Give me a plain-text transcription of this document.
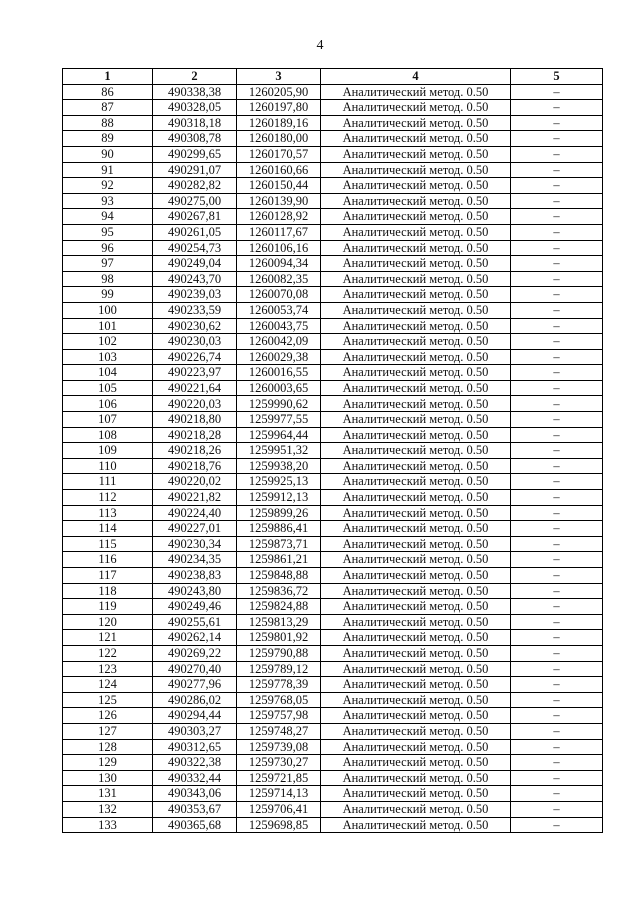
4
1	2	3	4	5
86	490338,38	1260205,90	Аналитический метод. 0.50	–
87	490328,05	1260197,80	Аналитический метод. 0.50	–
88	490318,18	1260189,16	Аналитический метод. 0.50	–
89	490308,78	1260180,00	Аналитический метод. 0.50	–
90	490299,65	1260170,57	Аналитический метод. 0.50	–
91	490291,07	1260160,66	Аналитический метод. 0.50	–
92	490282,82	1260150,44	Аналитический метод. 0.50	–
93	490275,00	1260139,90	Аналитический метод. 0.50	–
94	490267,81	1260128,92	Аналитический метод. 0.50	–
95	490261,05	1260117,67	Аналитический метод. 0.50	–
96	490254,73	1260106,16	Аналитический метод. 0.50	–
97	490249,04	1260094,34	Аналитический метод. 0.50	–
98	490243,70	1260082,35	Аналитический метод. 0.50	–
99	490239,03	1260070,08	Аналитический метод. 0.50	–
100	490233,59	1260053,74	Аналитический метод. 0.50	–
101	490230,62	1260043,75	Аналитический метод. 0.50	–
102	490230,03	1260042,09	Аналитический метод. 0.50	–
103	490226,74	1260029,38	Аналитический метод. 0.50	–
104	490223,97	1260016,55	Аналитический метод. 0.50	–
105	490221,64	1260003,65	Аналитический метод. 0.50	–
106	490220,03	1259990,62	Аналитический метод. 0.50	–
107	490218,80	1259977,55	Аналитический метод. 0.50	–
108	490218,28	1259964,44	Аналитический метод. 0.50	–
109	490218,26	1259951,32	Аналитический метод. 0.50	–
110	490218,76	1259938,20	Аналитический метод. 0.50	–
111	490220,02	1259925,13	Аналитический метод. 0.50	–
112	490221,82	1259912,13	Аналитический метод. 0.50	–
113	490224,40	1259899,26	Аналитический метод. 0.50	–
114	490227,01	1259886,41	Аналитический метод. 0.50	–
115	490230,34	1259873,71	Аналитический метод. 0.50	–
116	490234,35	1259861,21	Аналитический метод. 0.50	–
117	490238,83	1259848,88	Аналитический метод. 0.50	–
118	490243,80	1259836,72	Аналитический метод. 0.50	–
119	490249,46	1259824,88	Аналитический метод. 0.50	–
120	490255,61	1259813,29	Аналитический метод. 0.50	–
121	490262,14	1259801,92	Аналитический метод. 0.50	–
122	490269,22	1259790,88	Аналитический метод. 0.50	–
123	490270,40	1259789,12	Аналитический метод. 0.50	–
124	490277,96	1259778,39	Аналитический метод. 0.50	–
125	490286,02	1259768,05	Аналитический метод. 0.50	–
126	490294,44	1259757,98	Аналитический метод. 0.50	–
127	490303,27	1259748,27	Аналитический метод. 0.50	–
128	490312,65	1259739,08	Аналитический метод. 0.50	–
129	490322,38	1259730,27	Аналитический метод. 0.50	–
130	490332,44	1259721,85	Аналитический метод. 0.50	–
131	490343,06	1259714,13	Аналитический метод. 0.50	–
132	490353,67	1259706,41	Аналитический метод. 0.50	–
133	490365,68	1259698,85	Аналитический метод. 0.50	–
